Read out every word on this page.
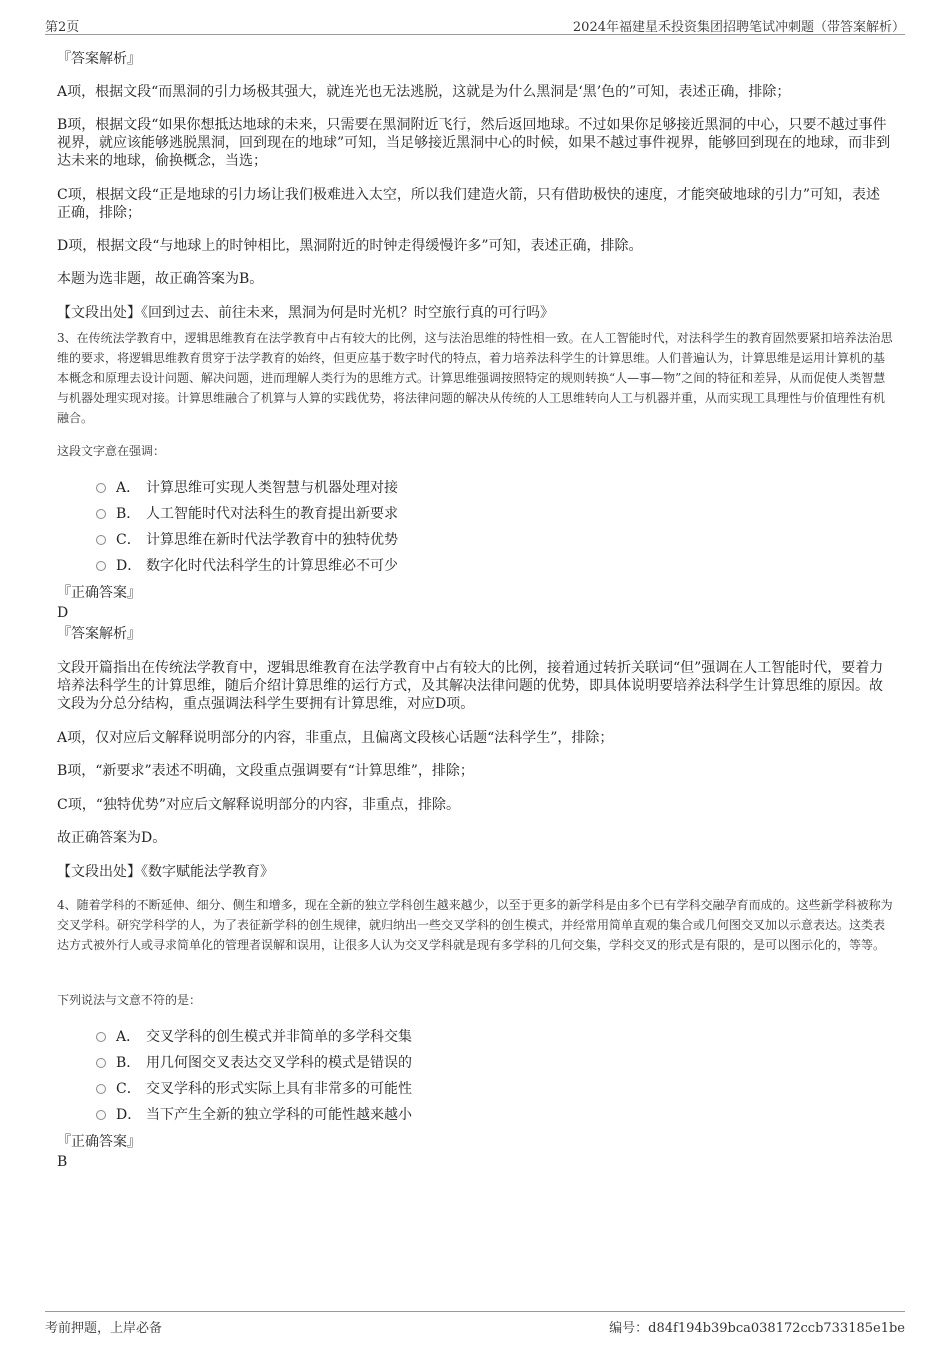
第2页	2024年福建星禾投资集团招聘笔试冲刺题（带答案解析）

『答案解析』

A项，根据文段“而黑洞的引力场极其强大，就连光也无法逃脱，这就是为什么黑洞是‘黑’色的”可知，表述正确，排除；

B项，根据文段“如果你想抵达地球的未来，只需要在黑洞附近飞行，然后返回地球。不过如果你足够接近黑洞的中心，只要不越过事件视界，就应该能够逃脱黑洞，回到现在的地球”可知，当足够接近黑洞中心的时候，如果不越过事件视界，能够回到现在的地球，而非到达未来的地球，偷换概念，当选；

C项，根据文段“正是地球的引力场让我们极难进入太空，所以我们建造火箭，只有借助极快的速度，才能突破地球的引力”可知，表述正确，排除；

D项，根据文段“与地球上的时钟相比，黑洞附近的时钟走得缓慢许多”可知，表述正确，排除。

本题为选非题，故正确答案为B。

【文段出处】《回到过去、前往未来，黑洞为何是时光机？时空旅行真的可行吗》

3、在传统法学教育中，逻辑思维教育在法学教育中占有较大的比例，这与法治思维的特性相一致。在人工智能时代，对法科学生的教育固然要紧扣培养法治思维的要求，将逻辑思维教育贯穿于法学教育的始终，但更应基于数字时代的特点，着力培养法科学生的计算思维。人们普遍认为，计算思维是运用计算机的基本概念和原理去设计问题、解决问题，进而理解人类行为的思维方式。计算思维强调按照特定的规则转换“人—事—物”之间的特征和差异，从而促使人类智慧与机器处理实现对接。计算思维融合了机算与人算的实践优势，将法律问题的解决从传统的人工思维转向人工与机器并重，从而实现工具理性与价值理性有机融合。

这段文字意在强调：

A． 计算思维可实现人类智慧与机器处理对接
B． 人工智能时代对法科生的教育提出新要求
C． 计算思维在新时代法学教育中的独特优势
D． 数字化时代法科学生的计算思维必不可少

『正确答案』

D

『答案解析』

文段开篇指出在传统法学教育中，逻辑思维教育在法学教育中占有较大的比例，接着通过转折关联词“但”强调在人工智能时代，要着力培养法科学生的计算思维，随后介绍计算思维的运行方式，及其解决法律问题的优势，即具体说明要培养法科学生计算思维的原因。故文段为分总分结构，重点强调法科学生要拥有计算思维，对应D项。

A项，仅对应后文解释说明部分的内容，非重点，且偏离文段核心话题“法科学生”，排除；

B项，“新要求”表述不明确，文段重点强调要有“计算思维”，排除；

C项，“独特优势”对应后文解释说明部分的内容，非重点，排除。

故正确答案为D。

【文段出处】《数字赋能法学教育》

4、随着学科的不断延伸、细分、侧生和增多，现在全新的独立学科创生越来越少，以至于更多的新学科是由多个已有学科交融孕育而成的。这些新学科被称为交叉学科。研究学科学的人，为了表征新学科的创生规律，就归纳出一些交叉学科的创生模式，并经常用简单直观的集合或几何图交叉加以示意表达。这类表达方式被外行人或寻求简单化的管理者误解和误用，让很多人认为交叉学科就是现有多学科的几何交集，学科交叉的形式是有限的，是可以图示化的，等等。

下列说法与文意不符的是：

A． 交叉学科的创生模式并非简单的多学科交集
B． 用几何图交叉表达交叉学科的模式是错误的
C． 交叉学科的形式实际上具有非常多的可能性
D． 当下产生全新的独立学科的可能性越来越小

『正确答案』

B

考前押题，上岸必备	编号：d84f194b39bca038172ccb733185e1be
